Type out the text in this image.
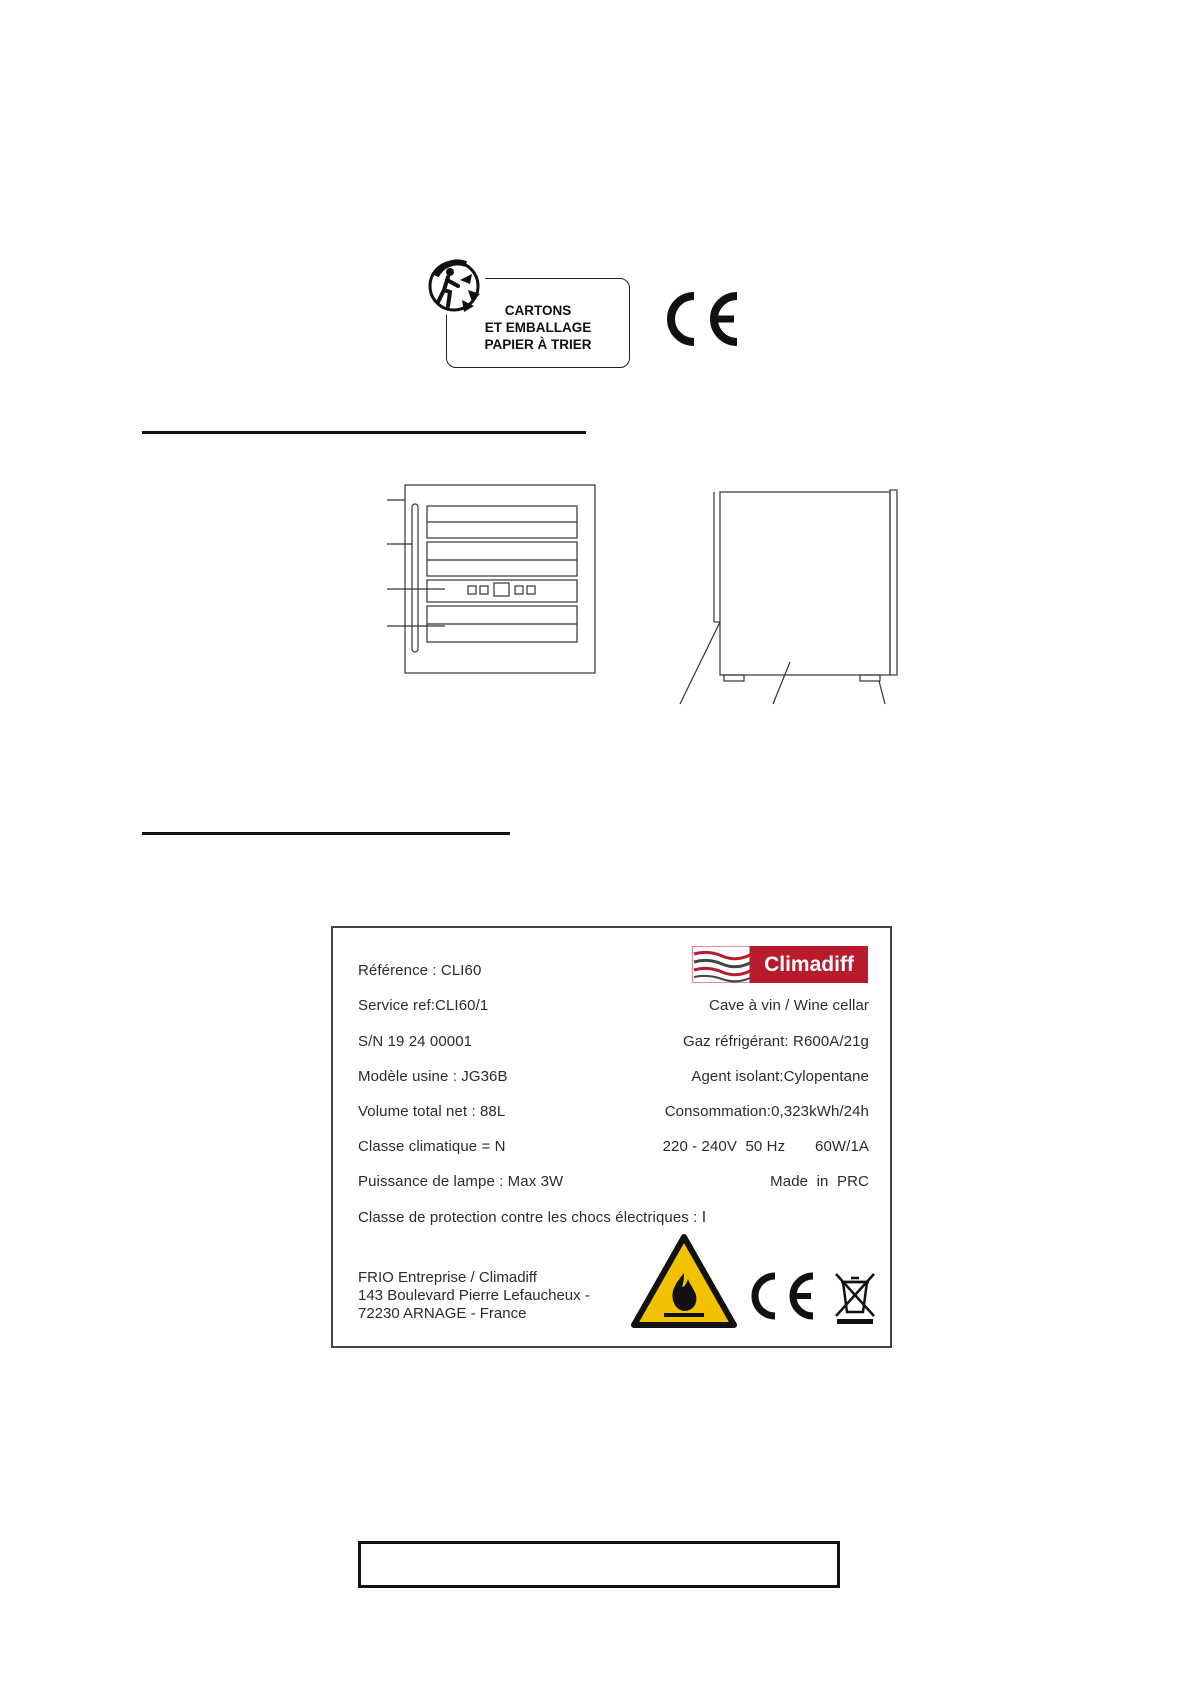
CARTONS
ET EMBALLAGE
PAPIER À TRIER
Climadiff
Référence : CLI60
Service ref:CLI60/1
S/N 19 24 00001
Modèle usine : JG36B
Volume total net : 88L
Classe climatique = N
Puissance de lampe : Max 3W
Classe de protection contre les chocs électriques : Ⅰ
Cave à vin / Wine cellar
Gaz réfrigérant: R600A/21g
Agent isolant:Cylopentane
Consommation:0,323kWh/24h
220 - 240V  50 Hz       60W/1A
Made  in  PRC
FRIO Entreprise / Climadiff
143 Boulevard Pierre Lefaucheux -
72230 ARNAGE - France
